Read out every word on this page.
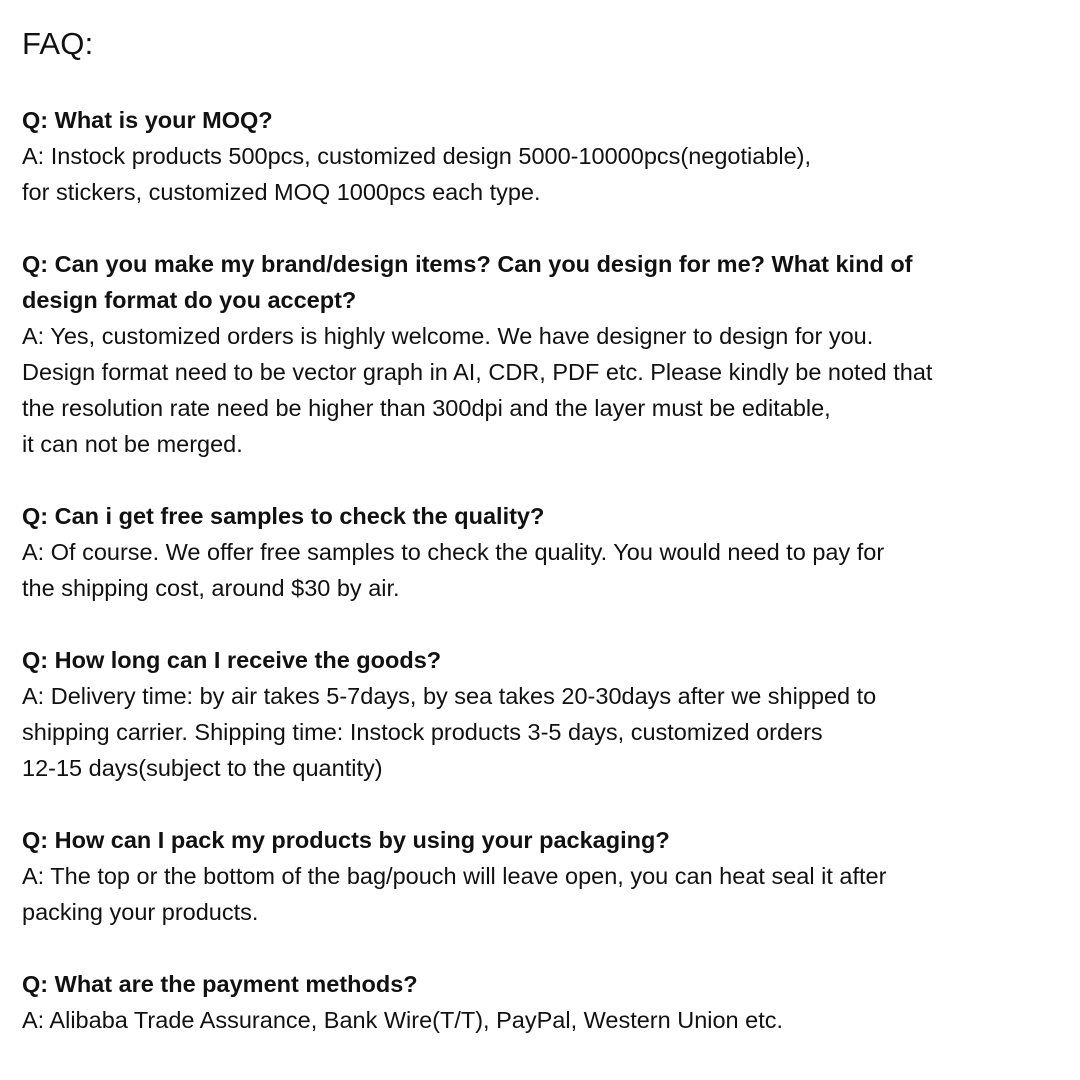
FAQ:

Q: What is your MOQ?

A: Instock products 500pcs, customized design 5000-10000pcs(negotiable),
for stickers, customized MOQ 1000pcs each type.

Q: Can you make my brand/design items? Can you design for me? What kind of
design format do you accept?

A: Yes, customized orders is highly welcome. We have designer to design for you.
Design format need to be vector graph in AI, CDR, PDF etc. Please kindly be noted that
the resolution rate need be higher than 300dpi and the layer must be editable,
it can not be merged.

Q: Can i get free samples to check the quality?

A: Of course. We offer free samples to check the quality. You would need to pay for
the shipping cost, around $30 by air.

Q: How long can I receive the goods?

A: Delivery time: by air takes 5-7days, by sea takes 20-30days after we shipped to
shipping carrier. Shipping time: Instock products 3-5 days, customized orders
12-15 days(subject to the quantity)

Q: How can I pack my products by using your packaging?

A: The top or the bottom of the bag/pouch will leave open, you can heat seal it after
packing your products.

Q: What are the payment methods?

A: Alibaba Trade Assurance, Bank Wire(T/T), PayPal, Western Union etc.
